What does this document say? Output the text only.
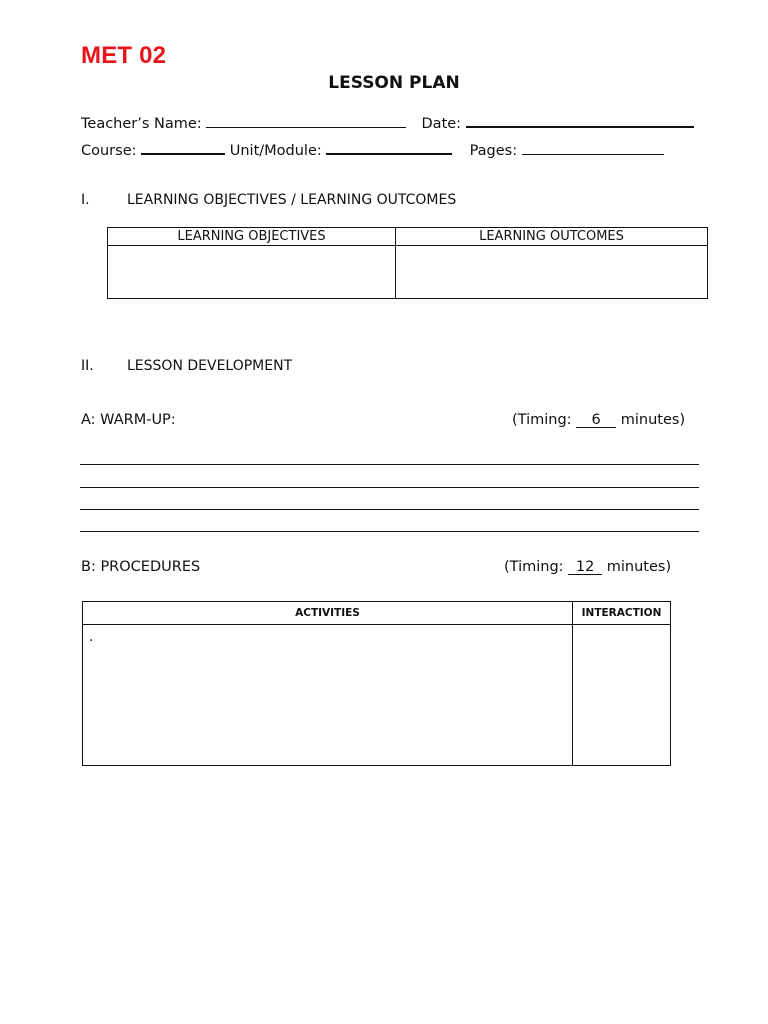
MET 02
LESSON PLAN
Teacher’s Name:	Date:
Course:	Unit/Module:	Pages:
I.	LEARNING OBJECTIVES / LEARNING OUTCOMES
LEARNING OBJECTIVES	LEARNING OUTCOMES

II. LESSON DEVELOPMENT
A: WARM-UP:	(Timing: 6 minutes)
B: PROCEDURES	(Timing: 12 minutes)
ACTIVITIES	INTERACTION
.	
